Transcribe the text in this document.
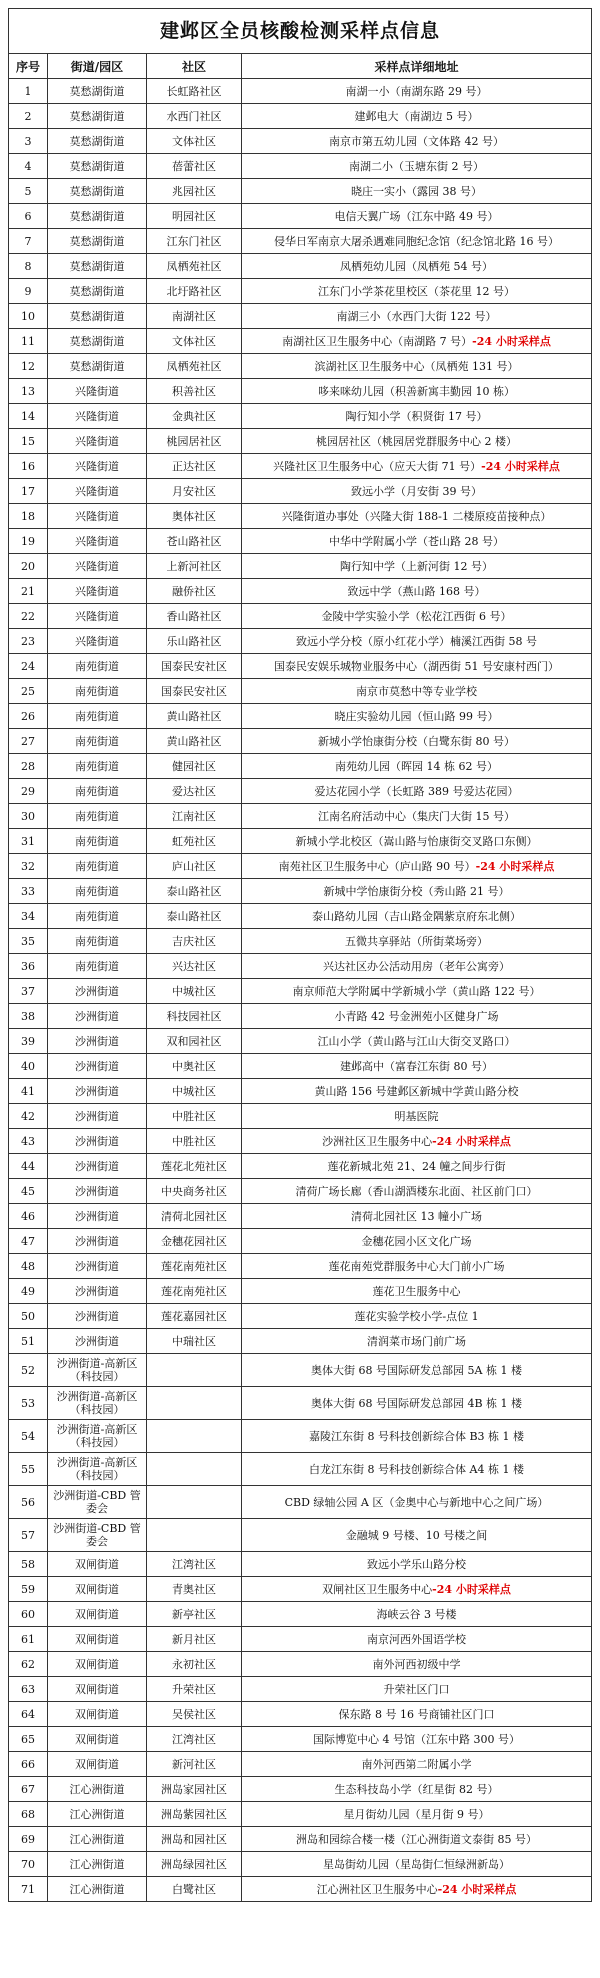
建邺区全员核酸检测采样点信息
序号	街道/园区	社区	采样点详细地址
1	莫愁湖街道	长虹路社区	南湖一小（南湖东路 29 号）
2	莫愁湖街道	水西门社区	建邺电大（南湖边 5 号）
3	莫愁湖街道	文体社区	南京市第五幼儿园（文体路 42 号）
4	莫愁湖街道	蓓蕾社区	南湖二小（玉塘东街 2 号）
5	莫愁湖街道	兆园社区	晓庄一实小（露园 38 号）
6	莫愁湖街道	明园社区	电信天翼广场（江东中路 49 号）
7	莫愁湖街道	江东门社区	侵华日军南京大屠杀遇难同胞纪念馆（纪念馆北路 16 号）
8	莫愁湖街道	凤栖苑社区	凤栖苑幼儿园（凤栖苑 54 号）
9	莫愁湖街道	北圩路社区	江东门小学茶花里校区（茶花里 12 号）
10	莫愁湖街道	南湖社区	南湖三小（水西门大街 122 号）
11	莫愁湖街道	文体社区	南湖社区卫生服务中心（南湖路 7 号）-24 小时采样点
12	莫愁湖街道	凤栖苑社区	滨湖社区卫生服务中心（凤栖苑 131 号）
13	兴隆街道	积善社区	哆来咪幼儿园（积善新寓丰勤园 10 栋）
14	兴隆街道	金典社区	陶行知小学（积贤街 17 号）
15	兴隆街道	桃园居社区	桃园居社区（桃园居党群服务中心 2 楼）
16	兴隆街道	正达社区	兴隆社区卫生服务中心（应天大街 71 号）-24 小时采样点
17	兴隆街道	月安社区	致远小学（月安街 39 号）
18	兴隆街道	奥体社区	兴隆街道办事处（兴隆大街 188-1 二楼原疫苗接种点）
19	兴隆街道	苍山路社区	中华中学附属小学（苍山路 28 号）
20	兴隆街道	上新河社区	陶行知中学（上新河街 12 号）
21	兴隆街道	融侨社区	致远中学（燕山路 168 号）
22	兴隆街道	香山路社区	金陵中学实验小学（松花江西街 6 号）
23	兴隆街道	乐山路社区	致远小学分校（原小红花小学）楠溪江西街 58 号
24	南苑街道	国泰民安社区	国泰民安娱乐城物业服务中心（湖西街 51 号安康村西门）
25	南苑街道	国泰民安社区	南京市莫愁中等专业学校
26	南苑街道	黄山路社区	晓庄实验幼儿园（恒山路 99 号）
27	南苑街道	黄山路社区	新城小学怡康街分校（白鹭东街 80 号）
28	南苑街道	健园社区	南苑幼儿园（晖园 14 栋 62 号）
29	南苑街道	爱达社区	爱达花园小学（长虹路 389 号爱达花园）
30	南苑街道	江南社区	江南名府活动中心（集庆门大街 15 号）
31	南苑街道	虹苑社区	新城小学北校区（嵩山路与怡康街交叉路口东侧）
32	南苑街道	庐山社区	南苑社区卫生服务中心（庐山路 90 号）-24 小时采样点
33	南苑街道	泰山路社区	新城中学怡康街分校（秀山路 21 号）
34	南苑街道	泰山路社区	泰山路幼儿园（吉山路金隅紫京府东北侧）
35	南苑街道	吉庆社区	五微共享驿站（所街菜场旁）
36	南苑街道	兴达社区	兴达社区办公活动用房（老年公寓旁）
37	沙洲街道	中城社区	南京师范大学附属中学新城小学（黄山路 122 号）
38	沙洲街道	科技园社区	小青路 42 号金洲苑小区健身广场
39	沙洲街道	双和园社区	江山小学（黄山路与江山大街交叉路口）
40	沙洲街道	中奥社区	建邺高中（富春江东街 80 号）
41	沙洲街道	中城社区	黄山路 156 号建邺区新城中学黄山路分校
42	沙洲街道	中胜社区	明基医院
43	沙洲街道	中胜社区	沙洲社区卫生服务中心-24 小时采样点
44	沙洲街道	莲花北苑社区	莲花新城北苑 21、24 幢之间步行街
45	沙洲街道	中央商务社区	清荷广场长廊（香山湖酒楼东北面、社区前门口）
46	沙洲街道	清荷北园社区	清荷北园社区 13 幢小广场
47	沙洲街道	金穗花园社区	金穗花园小区文化广场
48	沙洲街道	莲花南苑社区	莲花南苑党群服务中心大门前小广场
49	沙洲街道	莲花南苑社区	莲花卫生服务中心
50	沙洲街道	莲花嘉园社区	莲花实验学校小学-点位 1
51	沙洲街道	中瑞社区	清润菜市场门前广场
52	沙洲街道-高新区（科技园）		奥体大街 68 号国际研发总部园 5A 栋 1 楼
53	沙洲街道-高新区（科技园）		奥体大街 68 号国际研发总部园 4B 栋 1 楼
54	沙洲街道-高新区（科技园）		嘉陵江东街 8 号科技创新综合体 B3 栋 1 楼
55	沙洲街道-高新区（科技园）		白龙江东街 8 号科技创新综合体 A4 栋 1 楼
56	沙洲街道-CBD 管委会		CBD 绿轴公园 A 区（金奥中心与新地中心之间广场）
57	沙洲街道-CBD 管委会		金融城 9 号楼、10 号楼之间
58	双闸街道	江湾社区	致远小学乐山路分校
59	双闸街道	青奥社区	双闸社区卫生服务中心-24 小时采样点
60	双闸街道	新亭社区	海峡云谷 3 号楼
61	双闸街道	新月社区	南京河西外国语学校
62	双闸街道	永初社区	南外河西初级中学
63	双闸街道	升荣社区	升荣社区门口
64	双闸街道	吴侯社区	保东路 8 号 16 号商铺社区门口
65	双闸街道	江湾社区	国际博览中心 4 号馆（江东中路 300 号）
66	双闸街道	新河社区	南外河西第二附属小学
67	江心洲街道	洲岛家园社区	生态科技岛小学（红星街 82 号）
68	江心洲街道	洲岛紫园社区	星月街幼儿园（星月街 9 号）
69	江心洲街道	洲岛和园社区	洲岛和园综合楼一楼（江心洲街道文泰街 85 号）
70	江心洲街道	洲岛绿园社区	星岛街幼儿园（星岛街仁恒绿洲新岛）
71	江心洲街道	白鹭社区	江心洲社区卫生服务中心-24 小时采样点
